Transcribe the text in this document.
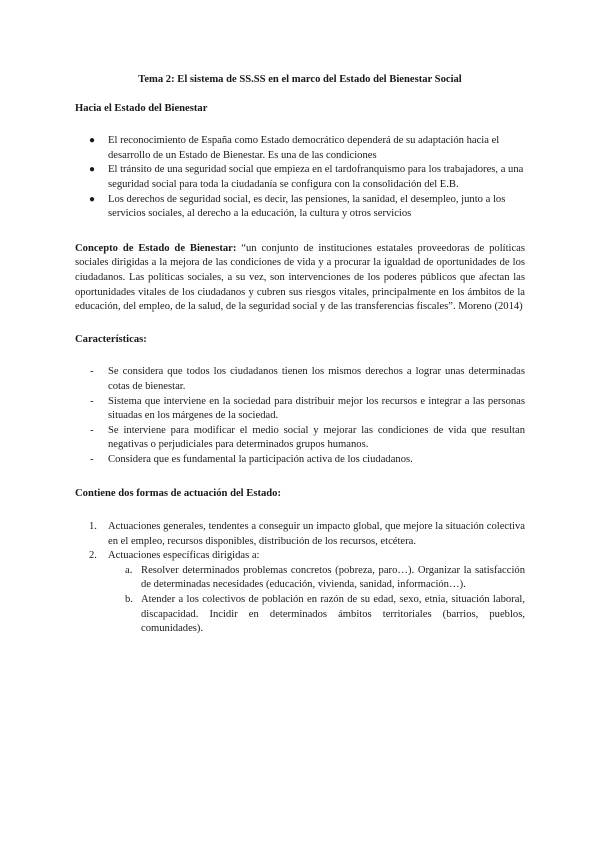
Tema 2: El sistema de SS.SS en el marco del Estado del Bienestar Social
Hacia el Estado del Bienestar
● El reconocimiento de España como Estado democrático dependerá de su adaptación hacia el desarrollo de un Estado de Bienestar. Es una de las condiciones
● El tránsito de una seguridad social que empieza en el tardofranquismo para los trabajadores, a una seguridad social para toda la ciudadanía se configura con la consolidación del E.B.
● Los derechos de seguridad social, es decir, las pensiones, la sanidad, el desempleo, junto a los servicios sociales, al derecho a la educación, la cultura y otros servicios

Concepto de Estado de Bienestar: “un conjunto de instituciones estatales proveedoras de políticas sociales dirigidas a la mejora de las condiciones de vida y a procurar la igualdad de oportunidades de los ciudadanos. Las políticas sociales, a su vez, son intervenciones de los poderes públicos que afectan las oportunidades vitales de los ciudadanos y cubren sus riesgos vitales, principalmente en los ámbitos de la educación, del empleo, de la salud, de la seguridad social y de las transferencias fiscales”. Moreno (2014)

Características:
- Se considera que todos los ciudadanos tienen los mismos derechos a lograr unas determinadas cotas de bienestar.
- Sistema que interviene en la sociedad para distribuir mejor los recursos e integrar a las personas situadas en los márgenes de la sociedad.
- Se interviene para modificar el medio social y mejorar las condiciones de vida que resultan negativas o perjudiciales para determinados grupos humanos.
- Considera que es fundamental la participación activa de los ciudadanos.
Contiene dos formas de actuación del Estado:
1. Actuaciones generales, tendentes a conseguir un impacto global, que mejore la situación colectiva en el empleo, recursos disponibles, distribución de los recursos, etcétera.
2. Actuaciones específicas dirigidas a:
a. Resolver determinados problemas concretos (pobreza, paro…). Organizar la satisfacción de determinadas necesidades (educación, vivienda, sanidad, información…).
b. Atender a los colectivos de población en razón de su edad, sexo, etnia, situación laboral, discapacidad. Incidir en determinados ámbitos territoriales (barrios, pueblos, comunidades).
